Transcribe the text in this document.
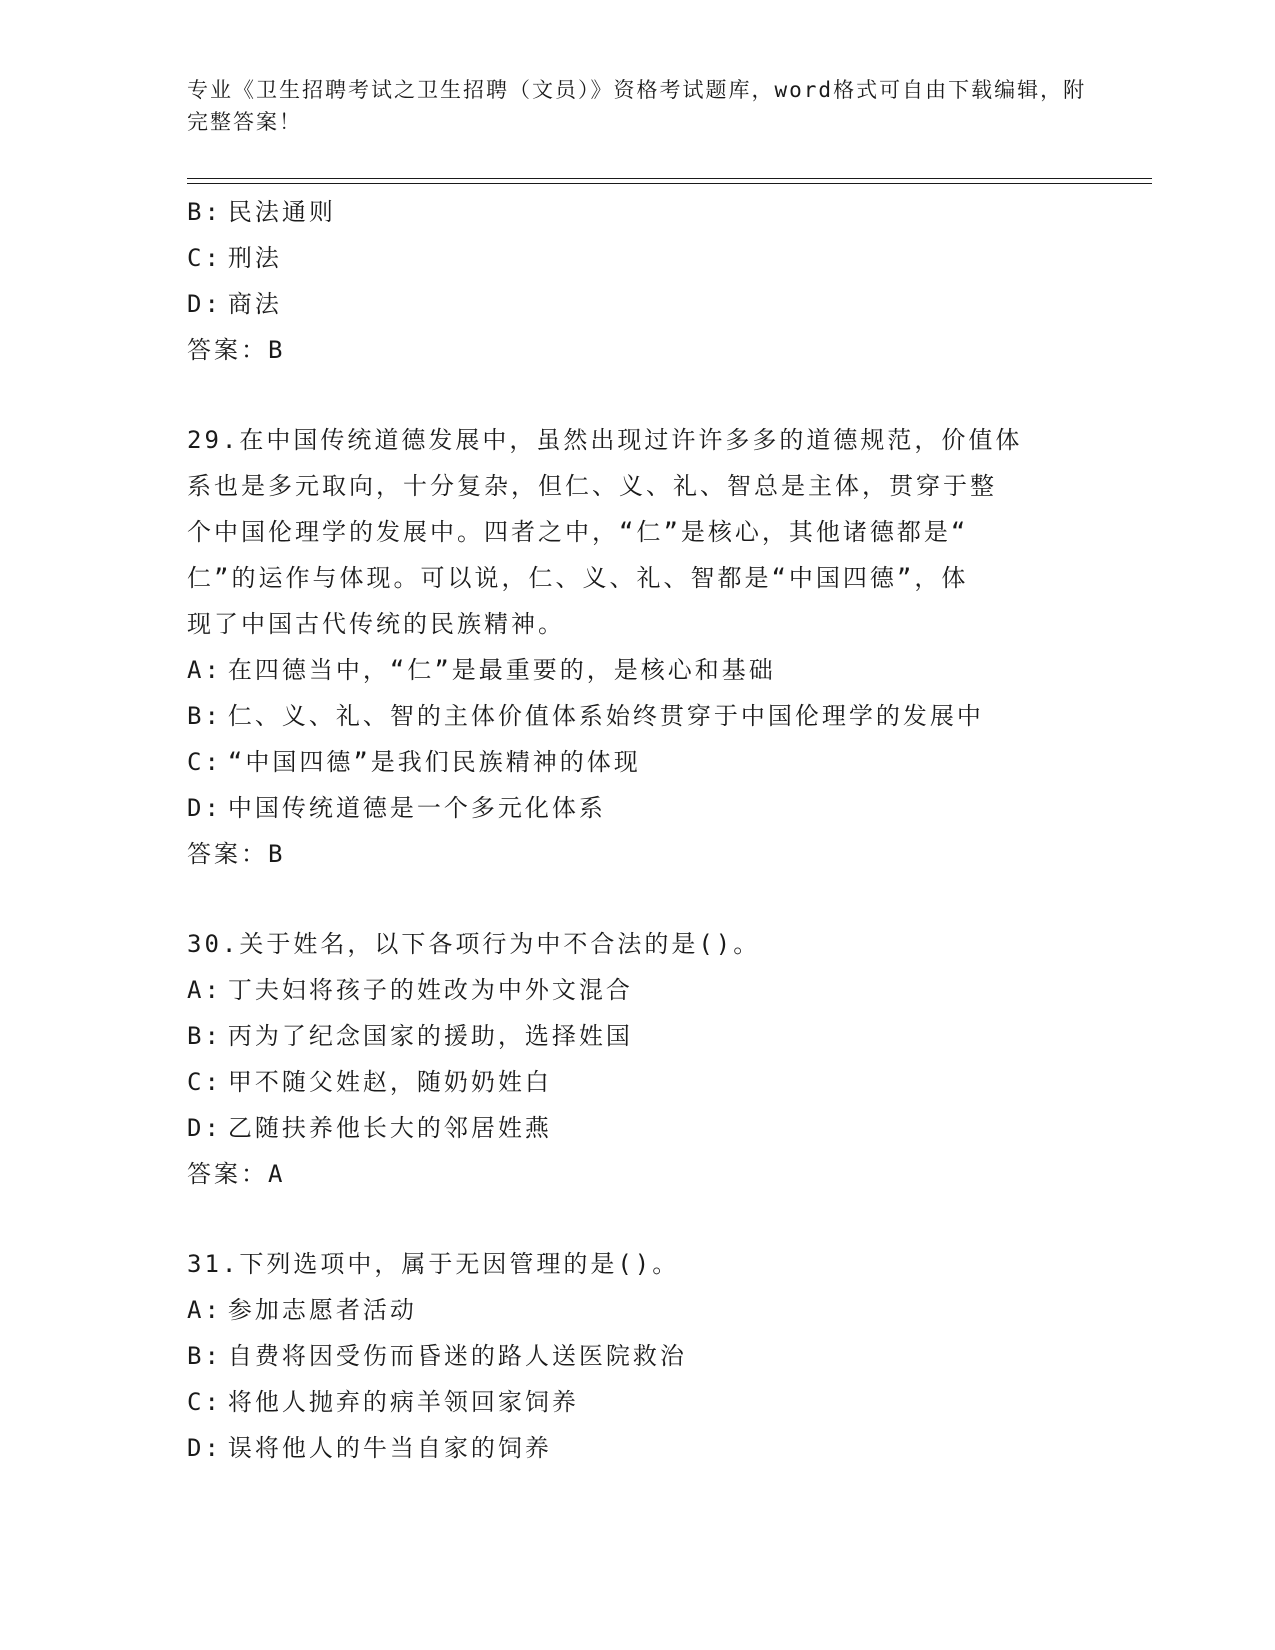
专业《卫生招聘考试之卫生招聘（文员）》资格考试题库，word格式可自由下载编辑，附完整答案！
B: 民法通则
C: 刑法
D: 商法
答案：B
29.在中国传统道德发展中，虽然出现过许许多多的道德规范，价值体
系也是多元取向，十分复杂，但仁、义、礼、智总是主体，贯穿于整
个中国伦理学的发展中。四者之中，“仁”是核心，其他诸德都是“
仁”的运作与体现。可以说，仁、义、礼、智都是“中国四德”，体
现了中国古代传统的民族精神。
A: 在四德当中，“仁”是最重要的，是核心和基础
B: 仁、义、礼、智的主体价值体系始终贯穿于中国伦理学的发展中
C: “中国四德”是我们民族精神的体现
D: 中国传统道德是一个多元化体系
答案：B
30.关于姓名，以下各项行为中不合法的是()。
A: 丁夫妇将孩子的姓改为中外文混合
B: 丙为了纪念国家的援助，选择姓国
C: 甲不随父姓赵，随奶奶姓白
D: 乙随扶养他长大的邻居姓燕
答案：A
31.下列选项中，属于无因管理的是()。
A: 参加志愿者活动
B: 自费将因受伤而昏迷的路人送医院救治
C: 将他人抛弃的病羊领回家饲养
D: 误将他人的牛当自家的饲养
